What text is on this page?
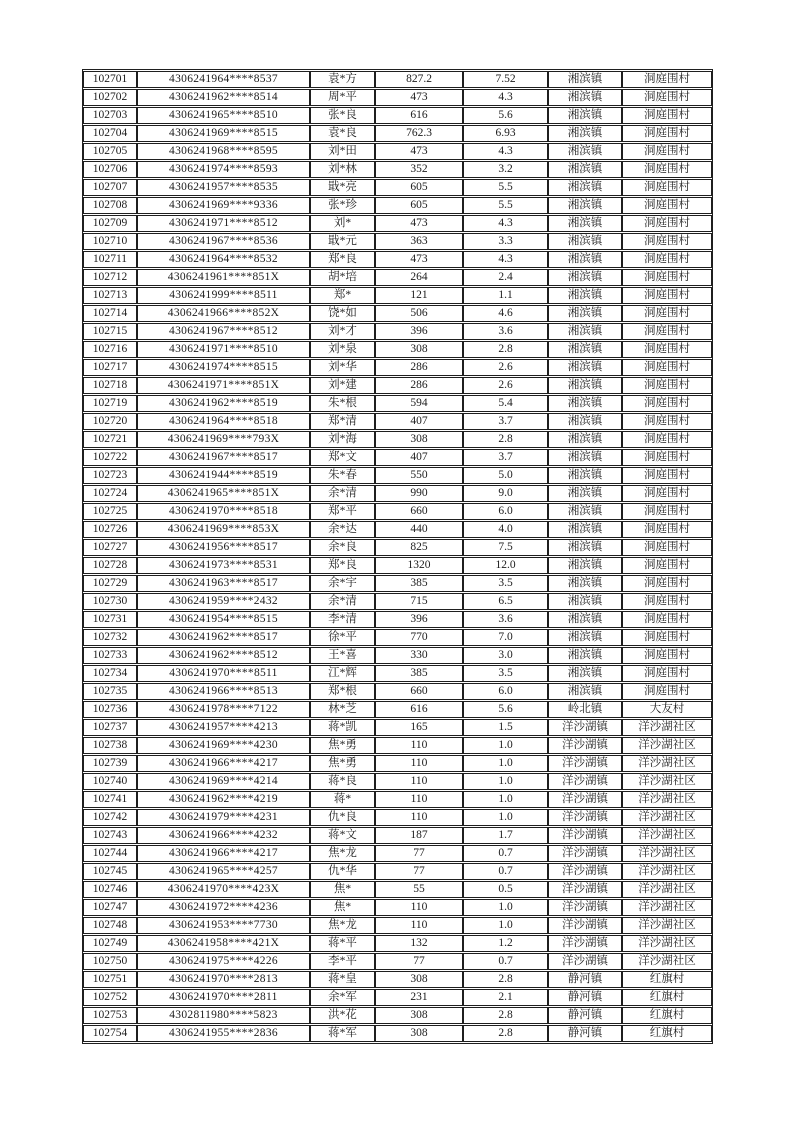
102701	4306241964****8537	袁*方	827.2	7.52	湘滨镇	洞庭围村
102702	4306241962****8514	周*平	473	4.3	湘滨镇	洞庭围村
102703	4306241965****8510	张*良	616	5.6	湘滨镇	洞庭围村
102704	4306241969****8515	袁*良	762.3	6.93	湘滨镇	洞庭围村
102705	4306241968****8595	刘*田	473	4.3	湘滨镇	洞庭围村
102706	4306241974****8593	刘*林	352	3.2	湘滨镇	洞庭围村
102707	4306241957****8535	戢*亮	605	5.5	湘滨镇	洞庭围村
102708	4306241969****9336	张*珍	605	5.5	湘滨镇	洞庭围村
102709	4306241971****8512	刘*	473	4.3	湘滨镇	洞庭围村
102710	4306241967****8536	戢*元	363	3.3	湘滨镇	洞庭围村
102711	4306241964****8532	郑*良	473	4.3	湘滨镇	洞庭围村
102712	4306241961****851X	胡*培	264	2.4	湘滨镇	洞庭围村
102713	4306241999****8511	郑*	121	1.1	湘滨镇	洞庭围村
102714	4306241966****852X	饶*如	506	4.6	湘滨镇	洞庭围村
102715	4306241967****8512	刘*才	396	3.6	湘滨镇	洞庭围村
102716	4306241971****8510	刘*泉	308	2.8	湘滨镇	洞庭围村
102717	4306241974****8515	刘*华	286	2.6	湘滨镇	洞庭围村
102718	4306241971****851X	刘*建	286	2.6	湘滨镇	洞庭围村
102719	4306241962****8519	朱*根	594	5.4	湘滨镇	洞庭围村
102720	4306241964****8518	郑*清	407	3.7	湘滨镇	洞庭围村
102721	4306241969****793X	刘*海	308	2.8	湘滨镇	洞庭围村
102722	4306241967****8517	郑*文	407	3.7	湘滨镇	洞庭围村
102723	4306241944****8519	朱*春	550	5.0	湘滨镇	洞庭围村
102724	4306241965****851X	余*清	990	9.0	湘滨镇	洞庭围村
102725	4306241970****8518	郑*平	660	6.0	湘滨镇	洞庭围村
102726	4306241969****853X	余*达	440	4.0	湘滨镇	洞庭围村
102727	4306241956****8517	余*良	825	7.5	湘滨镇	洞庭围村
102728	4306241973****8531	郑*良	1320	12.0	湘滨镇	洞庭围村
102729	4306241963****8517	余*宇	385	3.5	湘滨镇	洞庭围村
102730	4306241959****2432	余*清	715	6.5	湘滨镇	洞庭围村
102731	4306241954****8515	李*清	396	3.6	湘滨镇	洞庭围村
102732	4306241962****8517	徐*平	770	7.0	湘滨镇	洞庭围村
102733	4306241962****8512	王*喜	330	3.0	湘滨镇	洞庭围村
102734	4306241970****8511	江*辉	385	3.5	湘滨镇	洞庭围村
102735	4306241966****8513	郑*根	660	6.0	湘滨镇	洞庭围村
102736	4306241978****7122	林*芝	616	5.6	岭北镇	大友村
102737	4306241957****4213	蒋*凯	165	1.5	洋沙湖镇	洋沙湖社区
102738	4306241969****4230	焦*勇	110	1.0	洋沙湖镇	洋沙湖社区
102739	4306241966****4217	焦*勇	110	1.0	洋沙湖镇	洋沙湖社区
102740	4306241969****4214	蒋*良	110	1.0	洋沙湖镇	洋沙湖社区
102741	4306241962****4219	蒋*	110	1.0	洋沙湖镇	洋沙湖社区
102742	4306241979****4231	仇*良	110	1.0	洋沙湖镇	洋沙湖社区
102743	4306241966****4232	蒋*文	187	1.7	洋沙湖镇	洋沙湖社区
102744	4306241966****4217	焦*龙	77	0.7	洋沙湖镇	洋沙湖社区
102745	4306241965****4257	仇*华	77	0.7	洋沙湖镇	洋沙湖社区
102746	4306241970****423X	焦*	55	0.5	洋沙湖镇	洋沙湖社区
102747	4306241972****4236	焦*	110	1.0	洋沙湖镇	洋沙湖社区
102748	4306241953****7730	焦*龙	110	1.0	洋沙湖镇	洋沙湖社区
102749	4306241958****421X	蒋*平	132	1.2	洋沙湖镇	洋沙湖社区
102750	4306241975****4226	李*平	77	0.7	洋沙湖镇	洋沙湖社区
102751	4306241970****2813	蒋*皇	308	2.8	静河镇	红旗村
102752	4306241970****2811	余*军	231	2.1	静河镇	红旗村
102753	4302811980****5823	洪*花	308	2.8	静河镇	红旗村
102754	4306241955****2836	蒋*军	308	2.8	静河镇	红旗村
